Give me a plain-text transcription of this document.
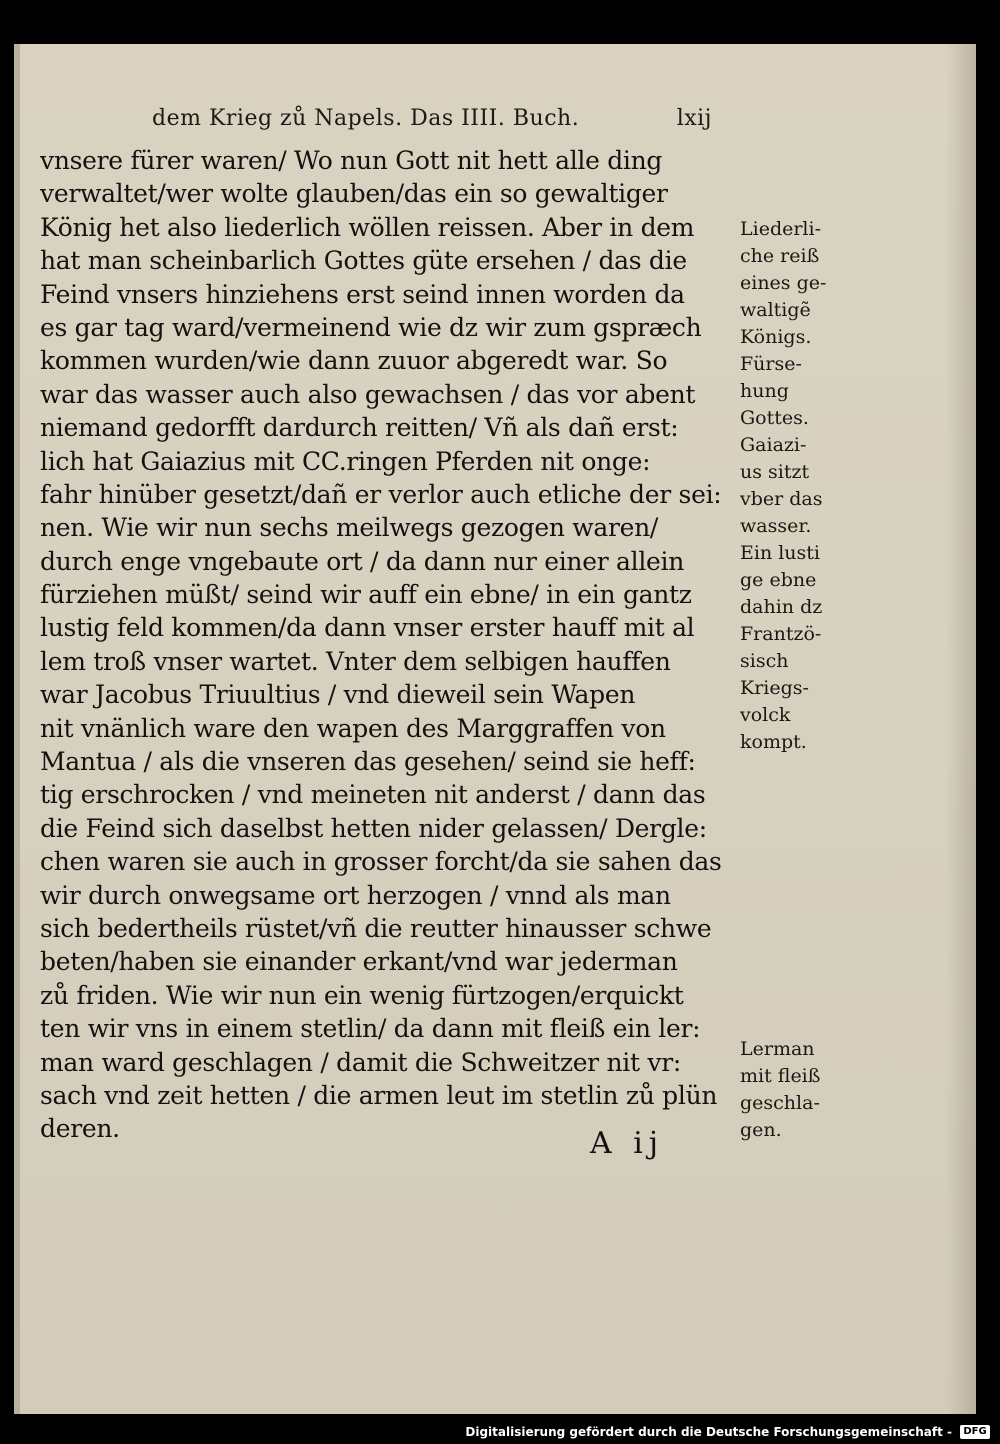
dem Krieg zů Napels. Das IIII. Buch.	lxij
vnsere fürer waren/ Wo nun Gott nit hett alle ding
verwaltet/wer wolte glauben/das ein so gewaltiger
König het also liederlich wöllen reissen. Aber in dem
hat man scheinbarlich Gottes güte ersehen / das die
Feind vnsers hinziehens erst seind innen worden da
es gar tag ward/vermeinend wie dz wir zum gspræch
kommen wurden/wie dann zuuor abgeredt war. So
war das wasser auch also gewachsen / das vor abent
niemand gedorfft dardurch reitten/ Vñ als dañ erst:
lich hat Gaiazius mit CC.ringen Pferden nit onge:
fahr hinüber gesetzt/dañ er verlor auch etliche der sei:
nen. Wie wir nun sechs meilwegs gezogen waren/
durch enge vngebaute ort / da dann nur einer allein
fürziehen müßt/ seind wir auff ein ebne/ in ein gantz
lustig feld kommen/da dann vnser erster hauff mit al
lem troß vnser wartet. Vnter dem selbigen hauffen
war Jacobus Triuultius / vnd dieweil sein Wapen
nit vnänlich ware den wapen des Marggraffen von
Mantua / als die vnseren das gesehen/ seind sie heff:
tig erschrocken / vnd meineten nit anderst / dann das
die Feind sich daselbst hetten nider gelassen/ Dergle:
chen waren sie auch in grosser forcht/da sie sahen das
wir durch onwegsame ort herzogen / vnnd als man
sich bedertheils rüstet/vñ die reutter hinausser schwe
beten/haben sie einander erkant/vnd war jederman
zů friden. Wie wir nun ein wenig fürtzogen/erquickt
ten wir vns in einem stetlin/ da dann mit fleiß ein ler:
man ward geschlagen / damit die Schweitzer nit vr:
sach vnd zeit hetten / die armen leut im stetlin zů plün
deren.
Liederli-
che reiß
eines ge-
waltigẽ
Königs.
Fürse-
hung
Gottes.
Gaiazi-
us sitzt
vber das
wasser.
Ein lusti
ge ebne
dahin dz
Frantzö-
sisch
Kriegs-
volck
kompt.
Lerman
mit fleiß
geschla-
gen.
A ij
Digitalisierung gefördert durch die Deutsche Forschungsgemeinschaft -	DFG
